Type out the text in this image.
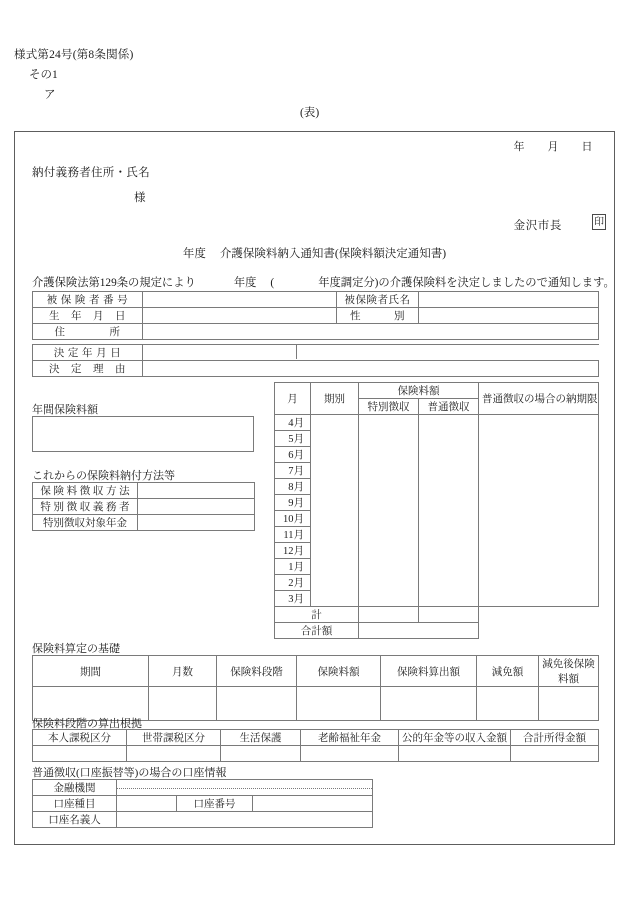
様式第24号(第8条関係)
その1
ア
(表)
年 月 日
納付義務者住所・氏名
様
金沢市長	印
年度 介護保険料納入通知書(保険料額決定通知書)
介護保険法第129条の規定により	年度 (	年度調定分)の介護保険料を決定しましたので通知します。
被 保 険 者 番 号		被保険者氏名	
生　年　月　日		性　　　別	
住　　　　所			
決 定 年 月 日	

決　定　理　由	
年間保険料額
これからの保険料納付方法等
保 険 料 徴 収 方 法	
特 別 徴 収 義 務 者	
特別徴収対象年金	
月	期別	保険料額		普通徴収の場合の納期限
		特別徴収	普通徴収	
4月				
5月				
6月				
7月				
8月				
9月				
10月				
11月				
12月				
1月				
2月				
3月				
計				
合計額				
保険料算定の基礎
期間	月数	保険料段階	保険料額	保険料算出額	減免額	減免後保険料額

保険料段階の算出根拠
本人課税区分	世帯課税区分	生活保護	老齢福祉年金	公的年金等の収入金額	合計所得金額

普通徴収(口座振替等)の場合の口座情報
金融機関			

口座種目		口座番号	
口座名義人			
